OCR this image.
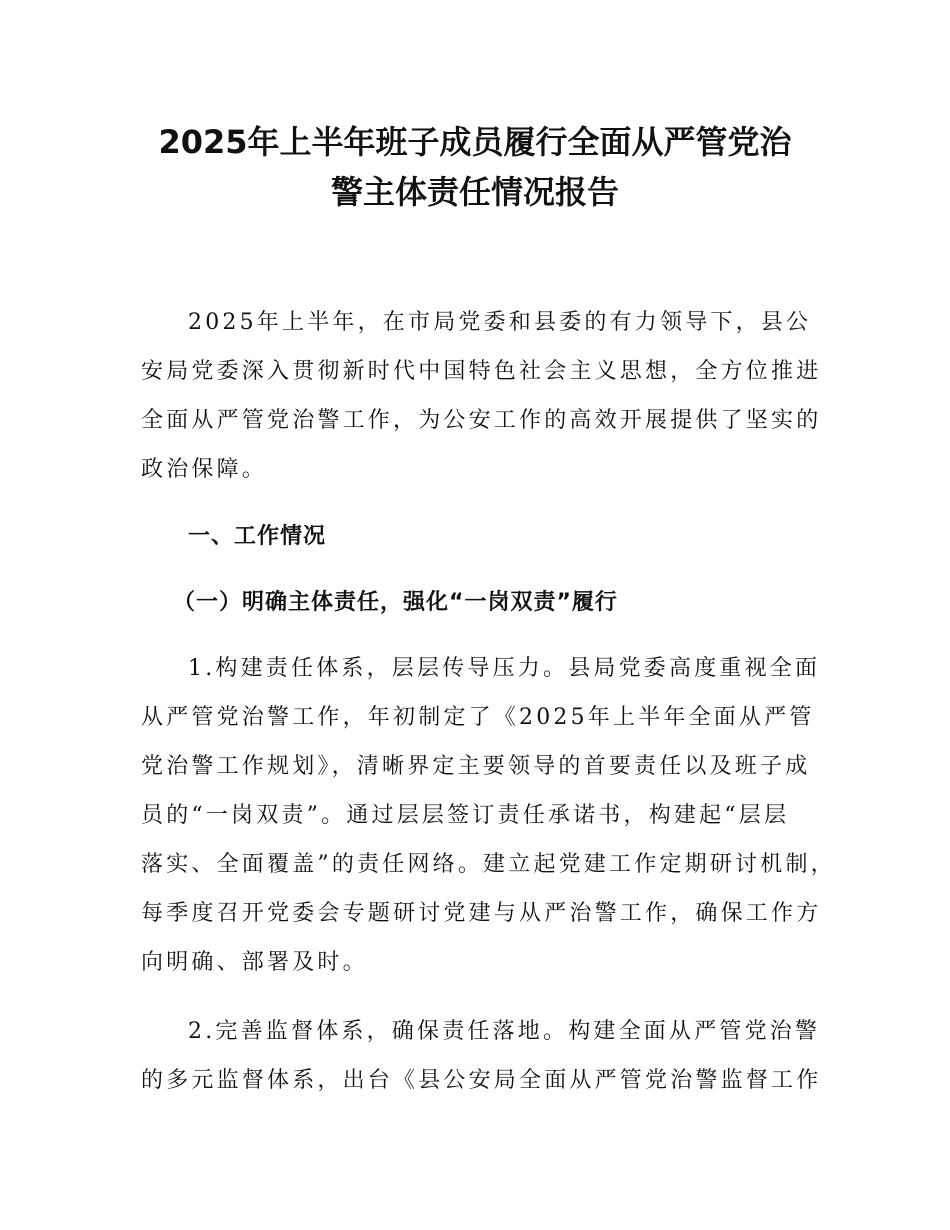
2025年上半年班子成员履行全面从严管党治
警主体责任情况报告
2025年上半年，在市局党委和县委的有力领导下，县公
安局党委深入贯彻新时代中国特色社会主义思想，全方位推进
全面从严管党治警工作，为公安工作的高效开展提供了坚实的
政治保障。
一、工作情况
（一）明确主体责任，强化“一岗双责”履行
1.构建责任体系，层层传导压力。县局党委高度重视全面
从严管党治警工作，年初制定了《2025年上半年全面从严管
党治警工作规划》，清晰界定主要领导的首要责任以及班子成
员的“一岗双责”。通过层层签订责任承诺书，构建起“层层
落实、全面覆盖”的责任网络。建立起党建工作定期研讨机制，
每季度召开党委会专题研讨党建与从严治警工作，确保工作方
向明确、部署及时。
2.完善监督体系，确保责任落地。构建全面从严管党治警
的多元监督体系，出台《县公安局全面从严管党治警监督工作
